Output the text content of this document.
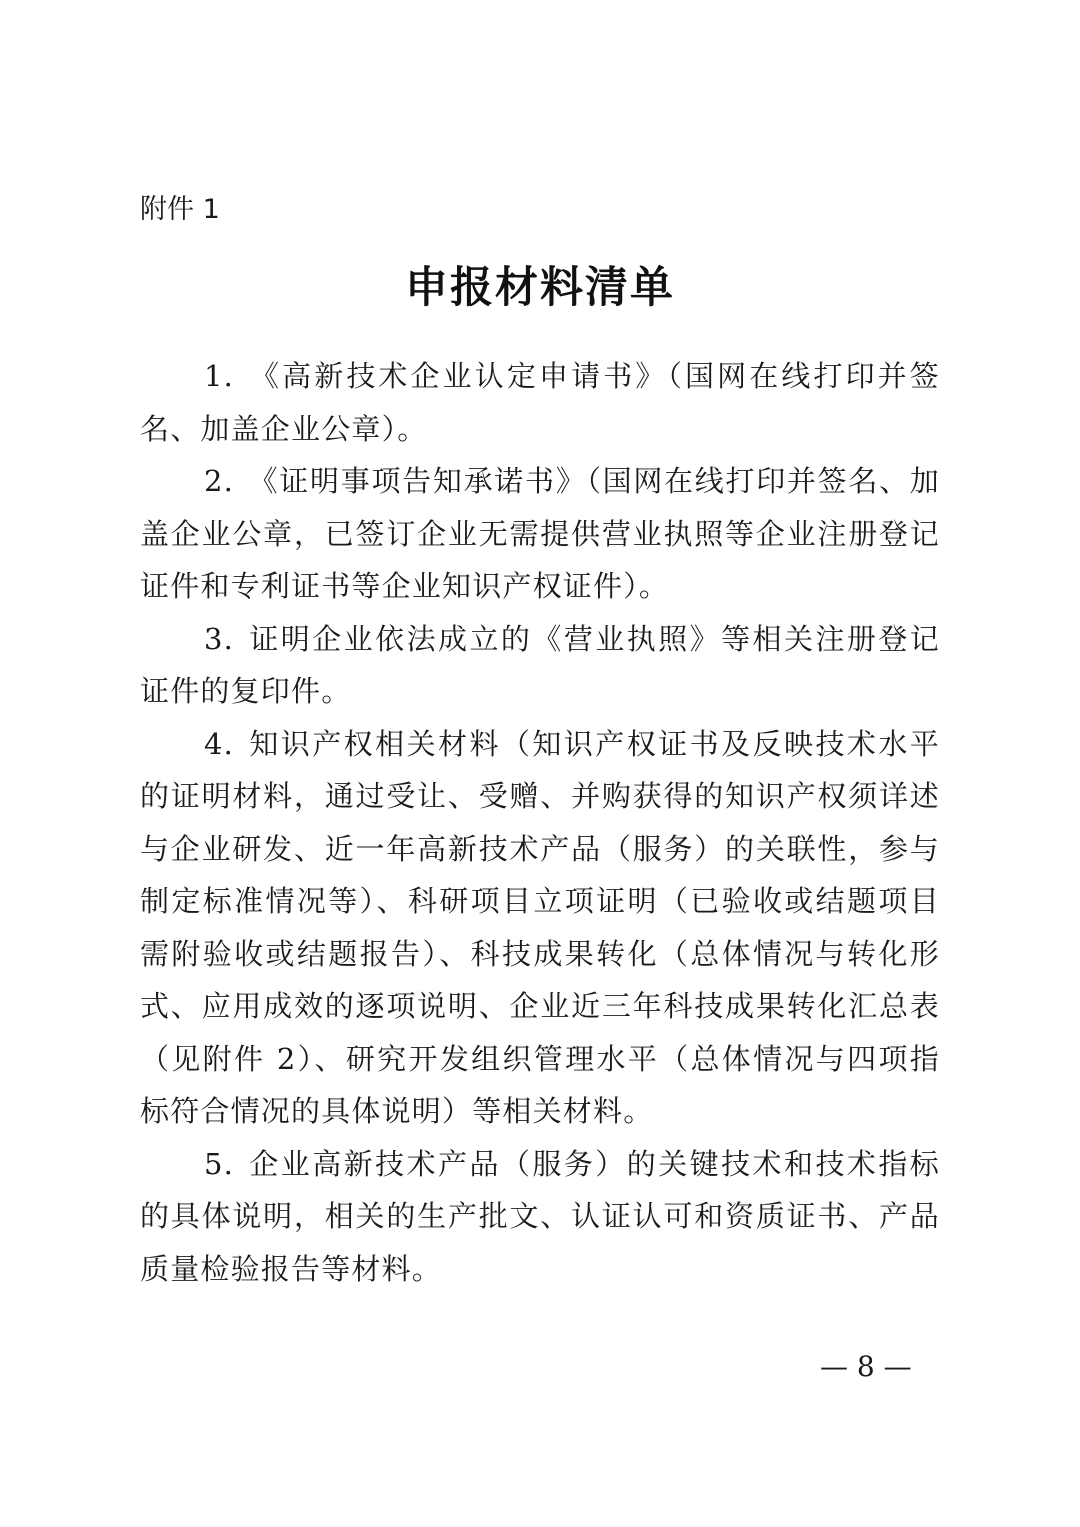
附件 1
申报材料清单

1. 《高新技术企业认定申请书》（国网在线打印并签名、加盖企业公章）。

2. 《证明事项告知承诺书》（国网在线打印并签名、加盖企业公章，已签订企业无需提供营业执照等企业注册登记证件和专利证书等企业知识产权证件）。

3. 证明企业依法成立的《营业执照》等相关注册登记证件的复印件。

4. 知识产权相关材料（知识产权证书及反映技术水平的证明材料，通过受让、受赠、并购获得的知识产权须详述与企业研发、近一年高新技术产品（服务）的关联性，参与制定标准情况等）、科研项目立项证明（已验收或结题项目需附验收或结题报告）、科技成果转化（总体情况与转化形式、应用成效的逐项说明、企业近三年科技成果转化汇总表（见附件 2）、研究开发组织管理水平（总体情况与四项指标符合情况的具体说明）等相关材料。

5. 企业高新技术产品（服务）的关键技术和技术指标的具体说明，相关的生产批文、认证认可和资质证书、产品质量检验报告等材料。

— 8 —
